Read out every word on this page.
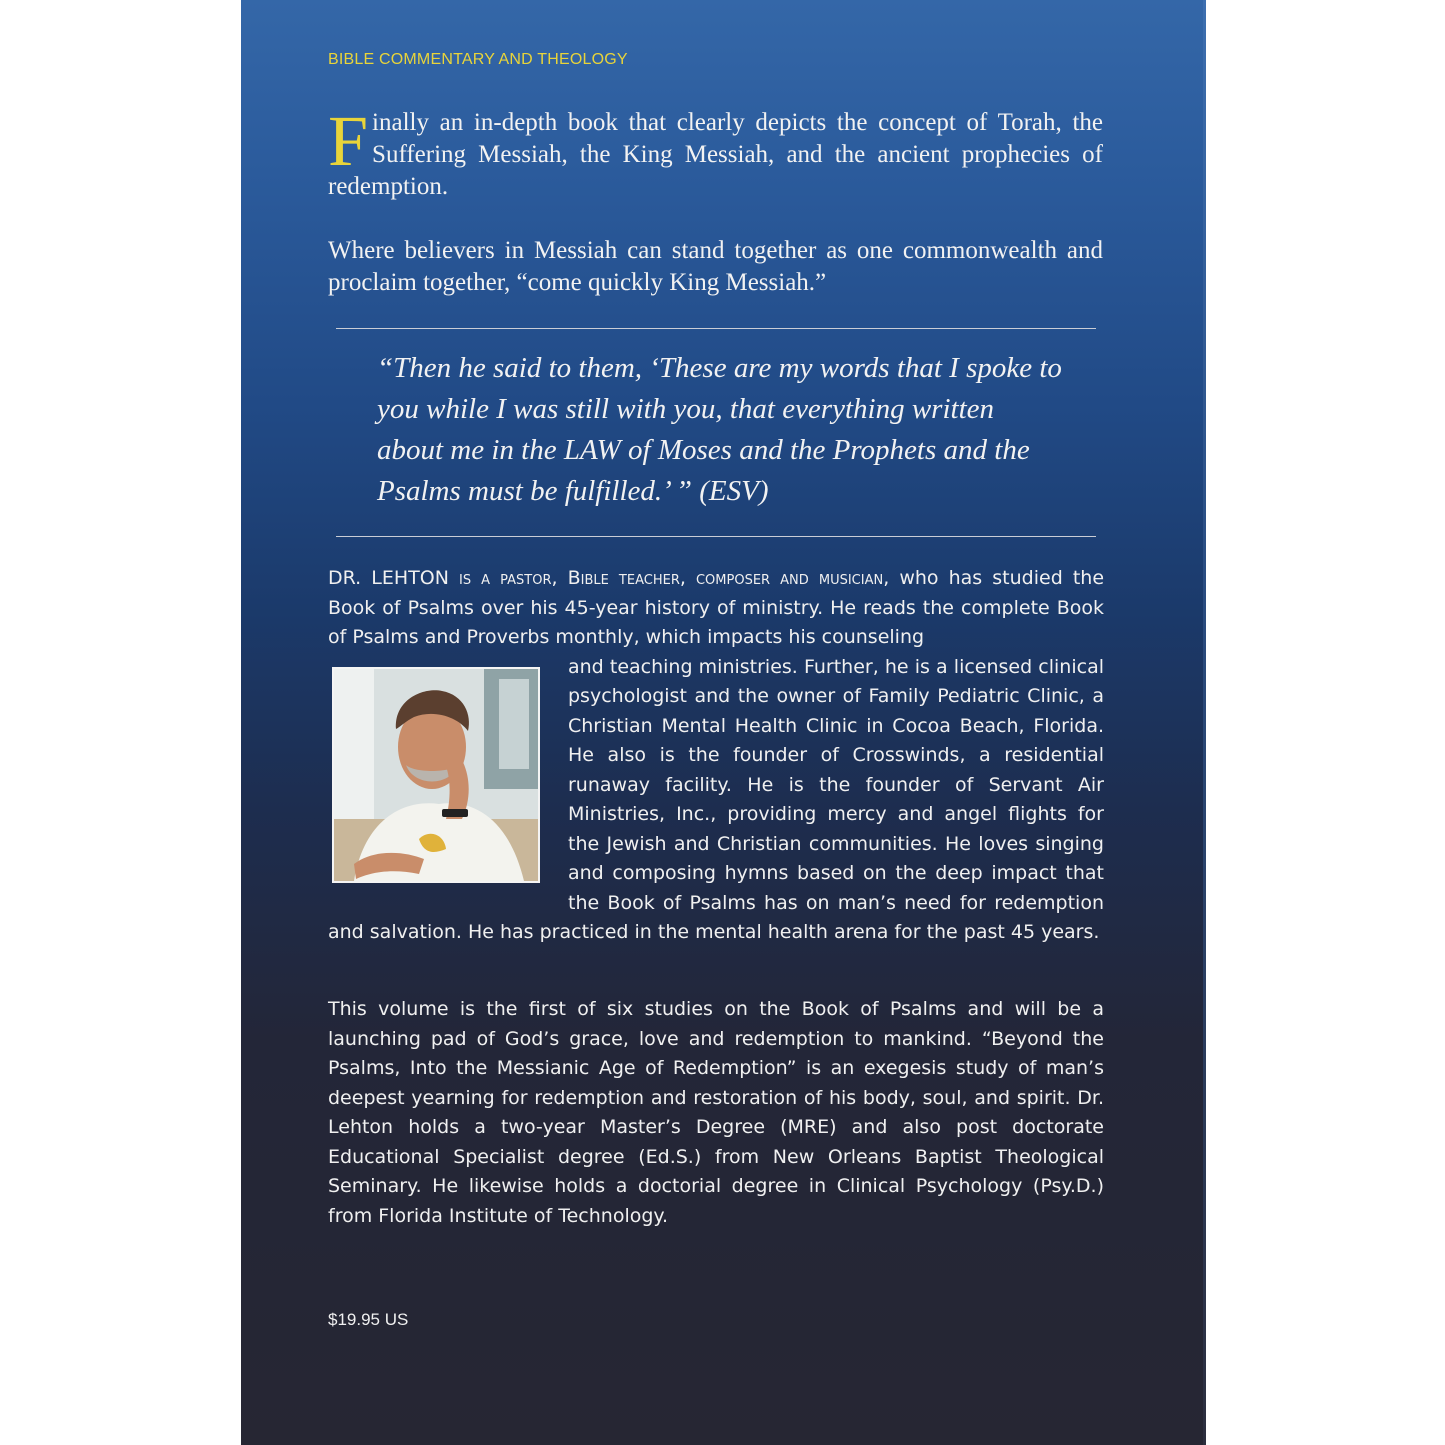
BIBLE COMMENTARY AND THEOLOGY

Finally an in-depth book that clearly depicts the concept of Torah, the Suffering Messiah, the King Messiah, and the ancient prophecies of redemption.

Where believers in Messiah can stand together as one commonwealth and proclaim together, “come quickly King Messiah.”

“Then he said to them, ‘These are my words that I spoke to you while I was still with you, that everything written about me in the LAW of Moses and the Prophets and the Psalms must be fulfilled.’ ” (ESV)

DR. LEHTON is a pastor, Bible teacher, composer and musician, who has studied the Book of Psalms over his 45-year history of ministry. He reads the complete Book of Psalms and Proverbs monthly, which impacts his counseling

and teaching ministries. Further, he is a licensed clinical psychologist and the owner of Family Pediatric Clinic, a Christian Mental Health Clinic in Cocoa Beach, Florida. He also is the founder of Crosswinds, a residential runaway facility. He is the founder of Servant Air Ministries, Inc., providing mercy and angel flights for the Jewish and Christian communities. He loves singing and composing hymns based on the deep impact that the Book of Psalms has on man’s need for redemption and salvation. He has practiced in the mental health arena for the past 45 years.

This volume is the first of six studies on the Book of Psalms and will be a launching pad of God’s grace, love and redemption to mankind. “Beyond the Psalms, Into the Messianic Age of Redemption” is an exegesis study of man’s deepest yearning for redemption and restoration of his body, soul, and spirit. Dr. Lehton holds a two-year Master’s Degree (MRE) and also post doctorate Educational Specialist degree (Ed.S.) from New Orleans Baptist Theological Seminary. He likewise holds a doctorial degree in Clinical Psychology (Psy.D.) from Florida Institute of Technology.

$19.95 US
